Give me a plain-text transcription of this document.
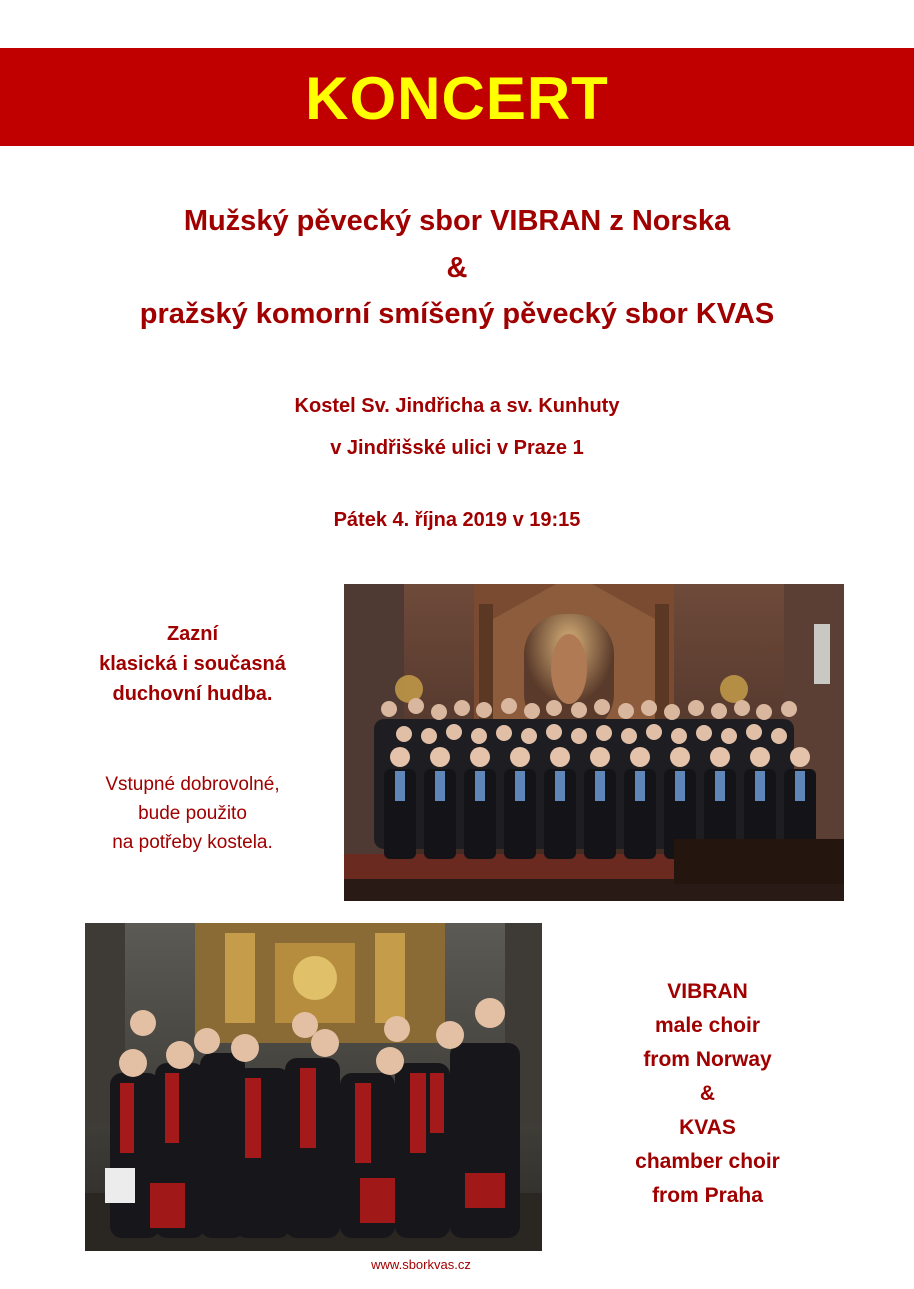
KONCERT
Mužský pěvecký sbor VIBRAN z Norska
&
pražský komorní smíšený pěvecký sbor KVAS
Kostel Sv. Jindřicha a sv. Kunhuty
v Jindřišské ulici v Praze 1
Pátek 4. října 2019 v 19:15
Zazní
klasická i současná
duchovní hudba.
Vstupné dobrovolné,
bude použito
na potřeby kostela.
VIBRAN
male choir
from Norway
&
KVAS
chamber choir
from Praha
www.sborkvas.cz
